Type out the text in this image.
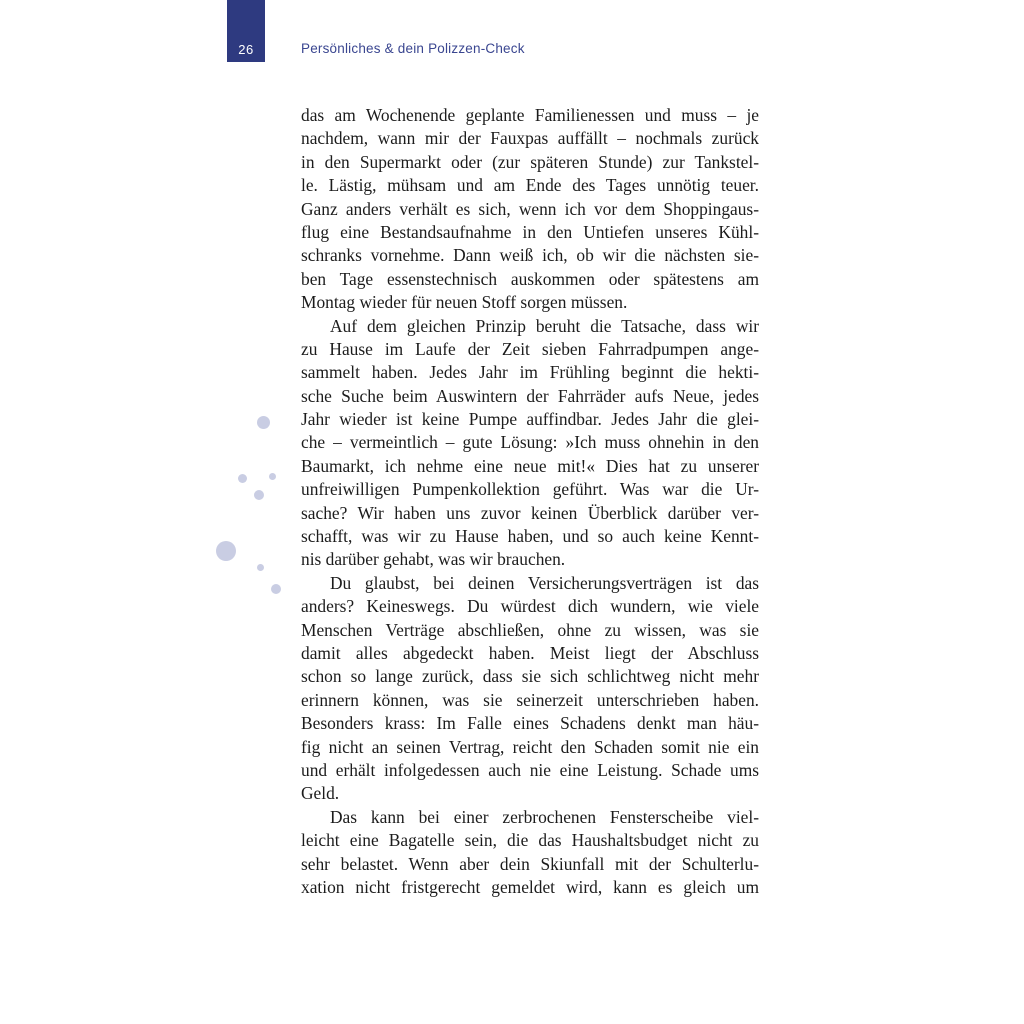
26	Persönliches & dein Polizzen-Check
das am Wochenende geplante Familienessen und muss – je
nachdem, wann mir der Fauxpas auffällt – nochmals zurück
in den Supermarkt oder (zur späteren Stunde) zur Tankstel-
le. Lästig, mühsam und am Ende des Tages unnötig teuer.
Ganz anders verhält es sich, wenn ich vor dem Shoppingaus-
flug eine Bestandsaufnahme in den Untiefen unseres Kühl-
schranks vornehme. Dann weiß ich, ob wir die nächsten sie-
ben Tage essenstechnisch auskommen oder spätestens am
Montag wieder für neuen Stoff sorgen müssen.
Auf dem gleichen Prinzip beruht die Tatsache, dass wir
zu Hause im Laufe der Zeit sieben Fahrradpumpen ange-
sammelt haben. Jedes Jahr im Frühling beginnt die hekti-
sche Suche beim Auswintern der Fahrräder aufs Neue, jedes
Jahr wieder ist keine Pumpe auffindbar. Jedes Jahr die glei-
che – vermeintlich – gute Lösung: »Ich muss ohnehin in den
Baumarkt, ich nehme eine neue mit!« Dies hat zu unserer
unfreiwilligen Pumpenkollektion geführt. Was war die Ur-
sache? Wir haben uns zuvor keinen Überblick darüber ver-
schafft, was wir zu Hause haben, und so auch keine Kennt-
nis darüber gehabt, was wir brauchen.
Du glaubst, bei deinen Versicherungsverträgen ist das
anders? Keineswegs. Du würdest dich wundern, wie viele
Menschen Verträge abschließen, ohne zu wissen, was sie
damit alles abgedeckt haben. Meist liegt der Abschluss
schon so lange zurück, dass sie sich schlichtweg nicht mehr
erinnern können, was sie seinerzeit unterschrieben haben.
Besonders krass: Im Falle eines Schadens denkt man häu-
fig nicht an seinen Vertrag, reicht den Schaden somit nie ein
und erhält infolgedessen auch nie eine Leistung. Schade ums
Geld.
Das kann bei einer zerbrochenen Fensterscheibe viel-
leicht eine Bagatelle sein, die das Haushaltsbudget nicht zu
sehr belastet. Wenn aber dein Skiunfall mit der Schulterlu-
xation nicht fristgerecht gemeldet wird, kann es gleich um
